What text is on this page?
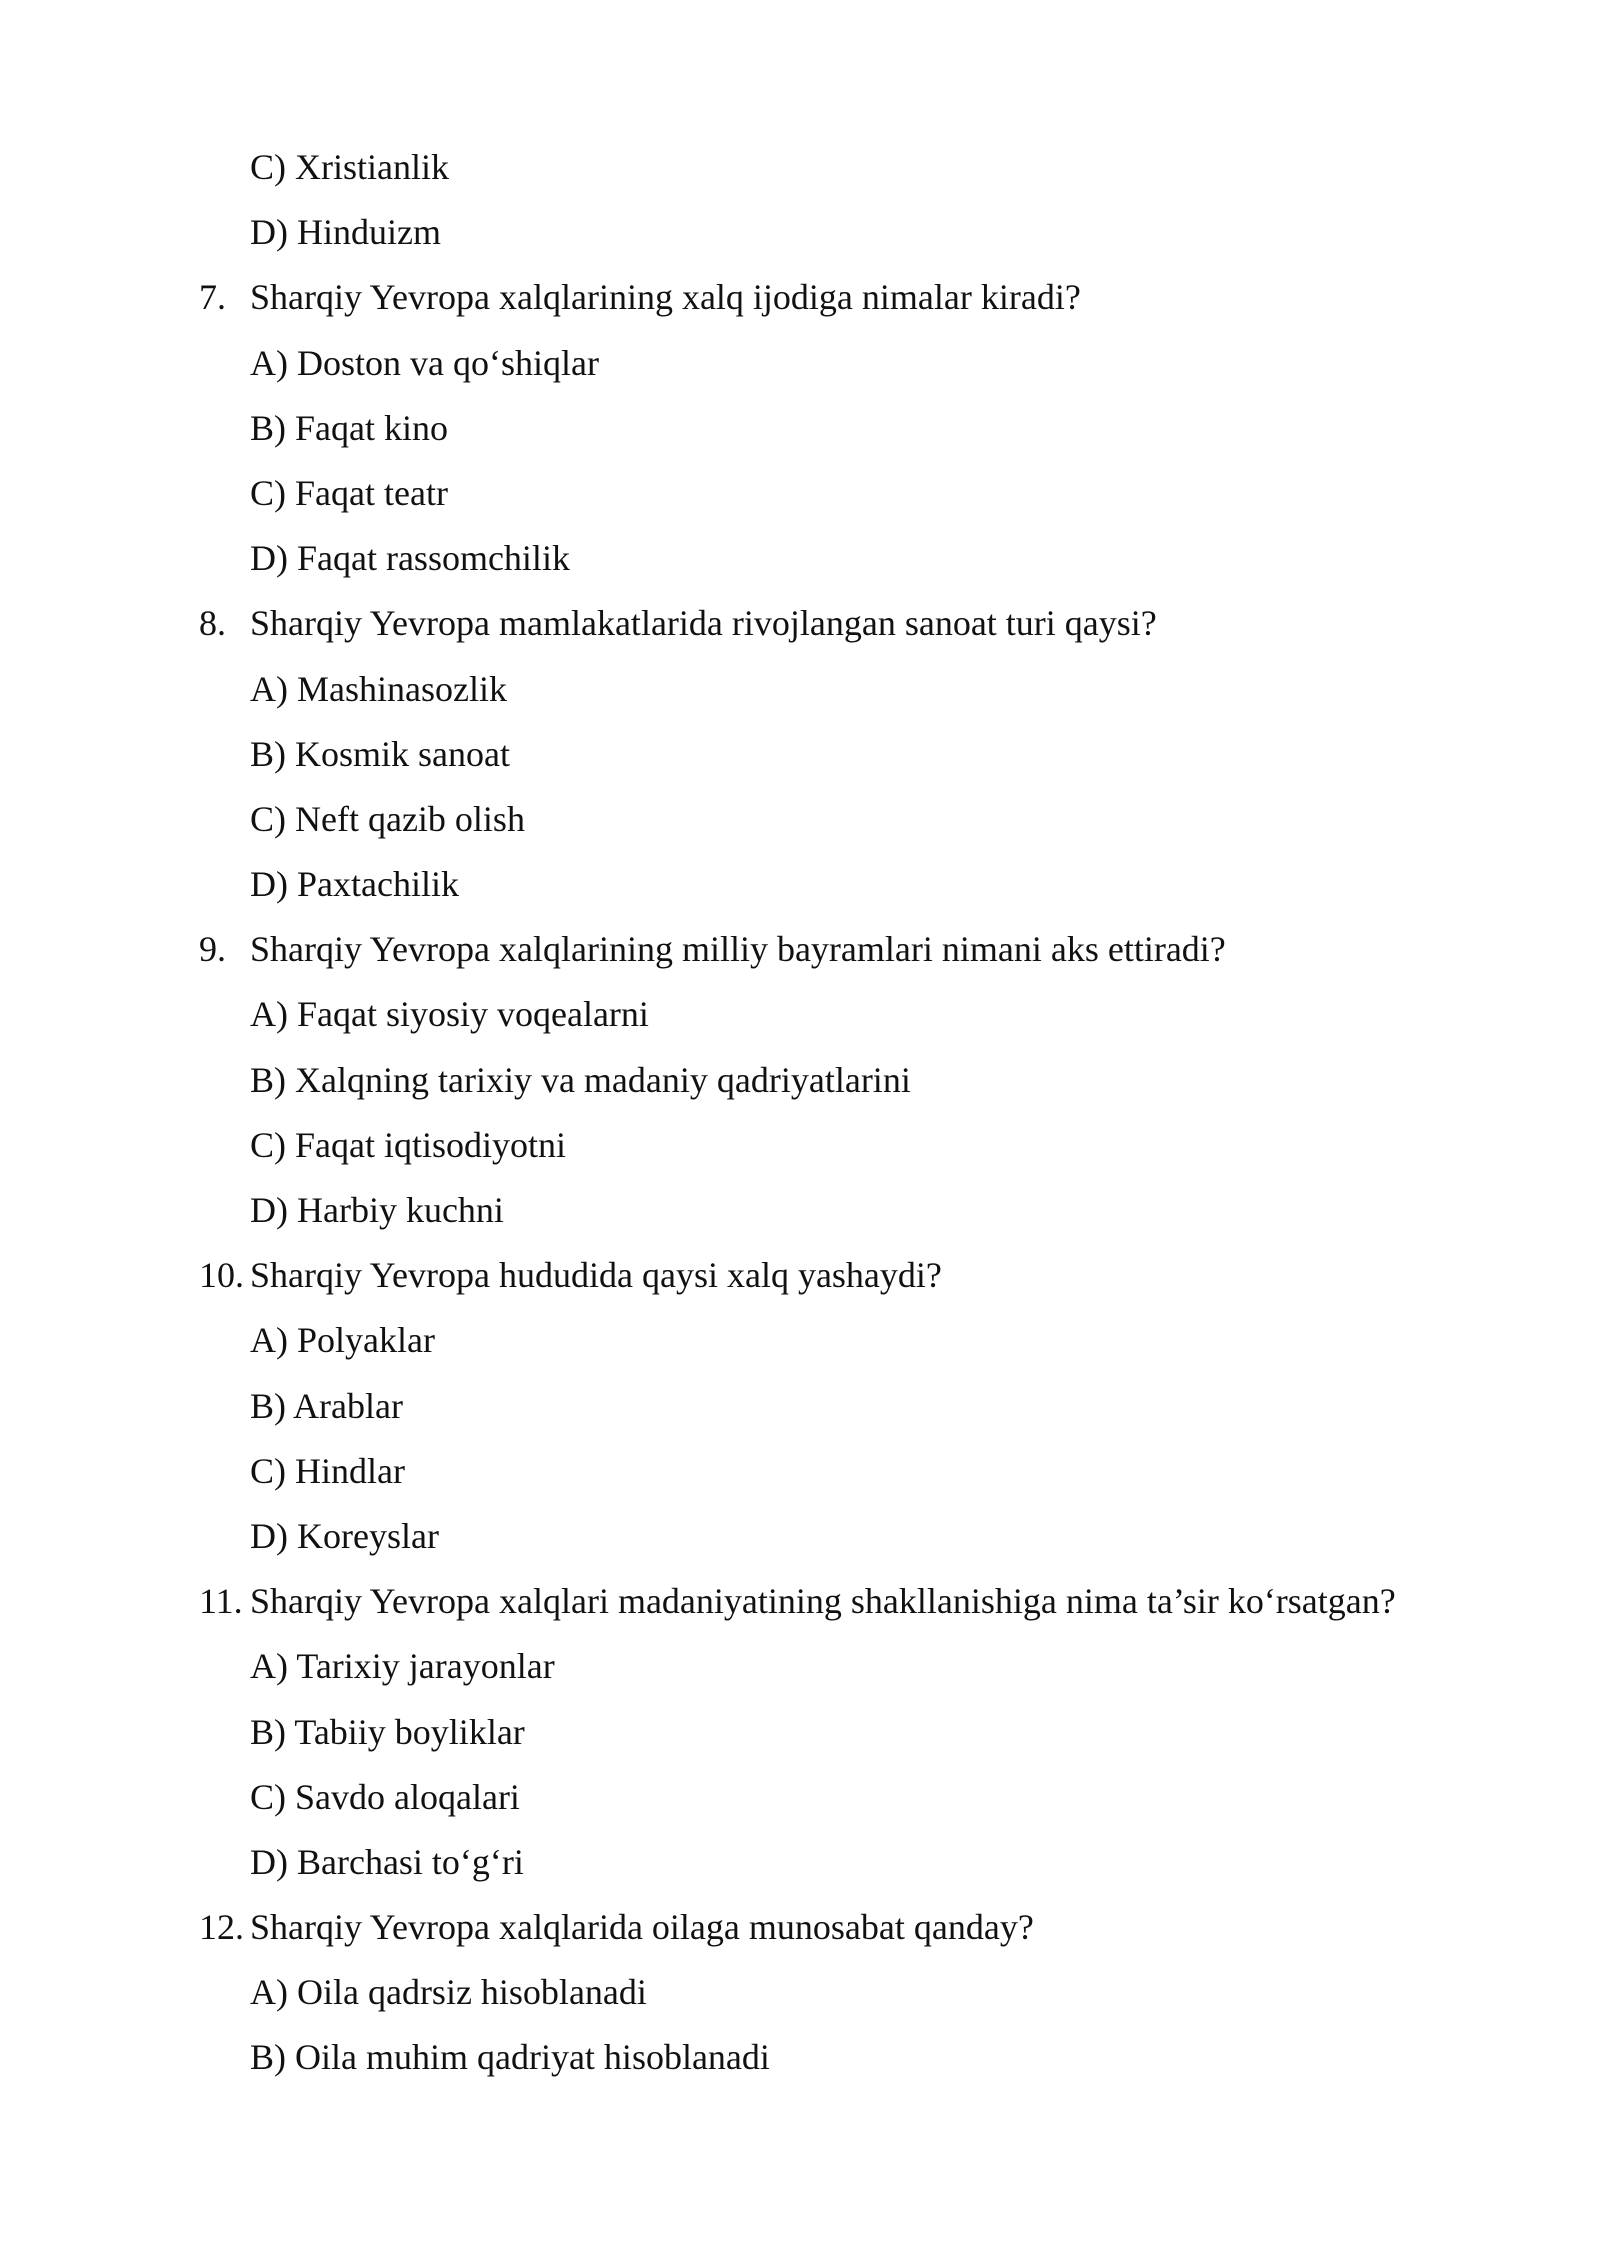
C) Xristianlik
D) Hinduizm
7. Sharqiy Yevropa xalqlarining xalq ijodiga nimalar kiradi?
A) Doston va qo‘shiqlar
B) Faqat kino
C) Faqat teatr
D) Faqat rassomchilik
8. Sharqiy Yevropa mamlakatlarida rivojlangan sanoat turi qaysi?
A) Mashinasozlik
B) Kosmik sanoat
C) Neft qazib olish
D) Paxtachilik
9. Sharqiy Yevropa xalqlarining milliy bayramlari nimani aks ettiradi?
A) Faqat siyosiy voqealarni
B) Xalqning tarixiy va madaniy qadriyatlarini
C) Faqat iqtisodiyotni
D) Harbiy kuchni
10. Sharqiy Yevropa hududida qaysi xalq yashaydi?
A) Polyaklar
B) Arablar
C) Hindlar
D) Koreyslar
11. Sharqiy Yevropa xalqlari madaniyatining shakllanishiga nima ta’sir ko‘rsatgan?
A) Tarixiy jarayonlar
B) Tabiiy boyliklar
C) Savdo aloqalari
D) Barchasi to‘g‘ri
12. Sharqiy Yevropa xalqlarida oilaga munosabat qanday?
A) Oila qadrsiz hisoblanadi
B) Oila muhim qadriyat hisoblanadi
